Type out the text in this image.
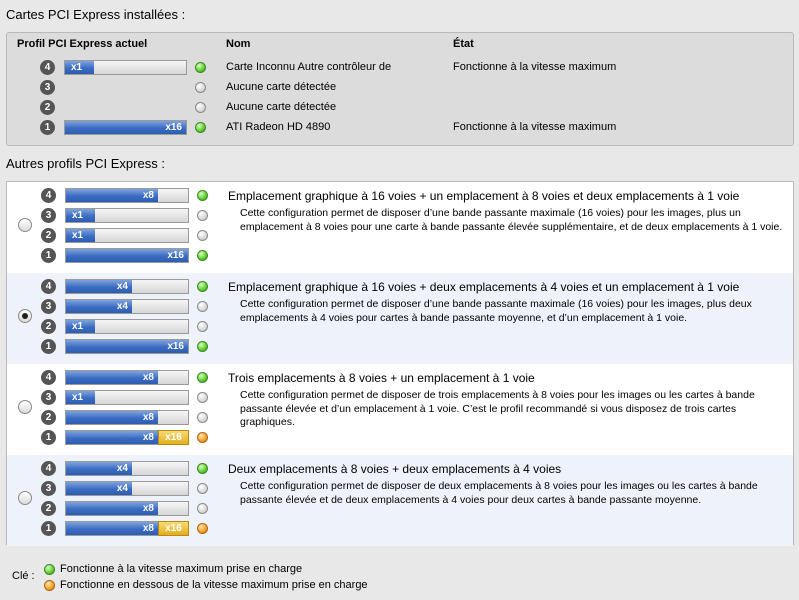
Cartes PCI Express installées :
Profil PCI Express actuel	Nom	État
4	x1	Carte Inconnu Autre contrôleur de	Fonctionne à la vitesse maximum
3	Aucune carte détectée
2	Aucune carte détectée
1	x16	ATI Radeon HD 4890	Fonctionne à la vitesse maximum
Autres profils PCI Express :
4	x8
3	x1
2	x1
1	x16
Emplacement graphique à 16 voies + un emplacement à 8 voies et deux emplacements à 1 voie
Cette configuration permet de disposer d’une bande passante maximale (16 voies) pour les images, plus un emplacement à 8 voies pour une carte à bande passante élevée supplémentaire, et de deux emplacements à 1 voie.
4	x4
3	x4
2	x1
1	x16
Emplacement graphique à 16 voies + deux emplacements à 4 voies et un emplacement à 1 voie
Cette configuration permet de disposer d’une bande passante maximale (16 voies) pour les images, plus deux emplacements à 4 voies pour cartes à bande passante moyenne, et d’un emplacement à 1 voie.
4	x8
3	x1
2	x8
1	x8	x16
Trois emplacements à 8 voies + un emplacement à 1 voie
Cette configuration permet de disposer de trois emplacements à 8 voies pour les images ou les cartes à bande passante élevée et d’un emplacement à 1 voie. C’est le profil recommandé si vous disposez de trois cartes graphiques.
4	x4
3	x4
2	x8
1	x8	x16
Deux emplacements à 8 voies + deux emplacements à 4 voies
Cette configuration permet de disposer de deux emplacements à 8 voies pour les images ou les cartes à bande passante élevée et de deux emplacements à 4 voies pour deux cartes à bande passante moyenne.
Clé :
Fonctionne à la vitesse maximum prise en charge
Fonctionne en dessous de la vitesse maximum prise en charge
